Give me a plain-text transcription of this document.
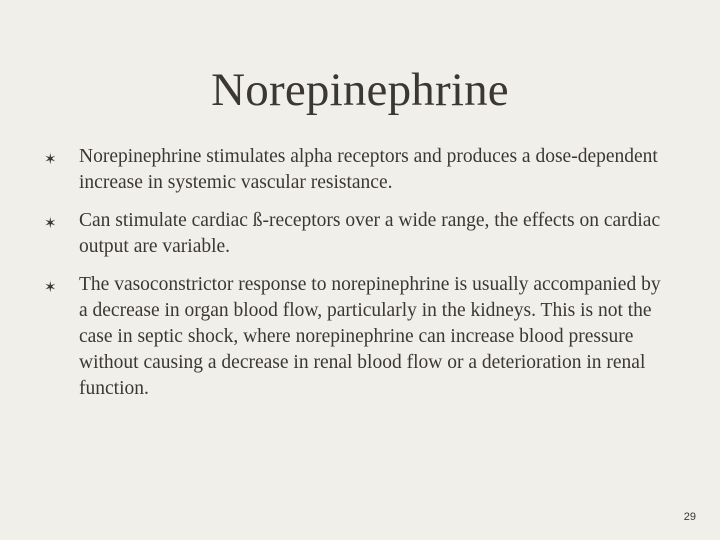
Norepinephrine
✶	Norepinephrine stimulates alpha receptors and produces a dose-dependent increase in systemic vascular resistance.
✶	Can stimulate cardiac ß-receptors over a wide range, the effects on cardiac output are variable.
✶	The vasoconstrictor response to norepinephrine is usually accompanied by a decrease in organ blood flow, particularly in the kidneys. This is not the case in septic shock, where norepinephrine can increase blood pressure without causing a decrease in renal blood flow or a deterioration in renal function.
29
